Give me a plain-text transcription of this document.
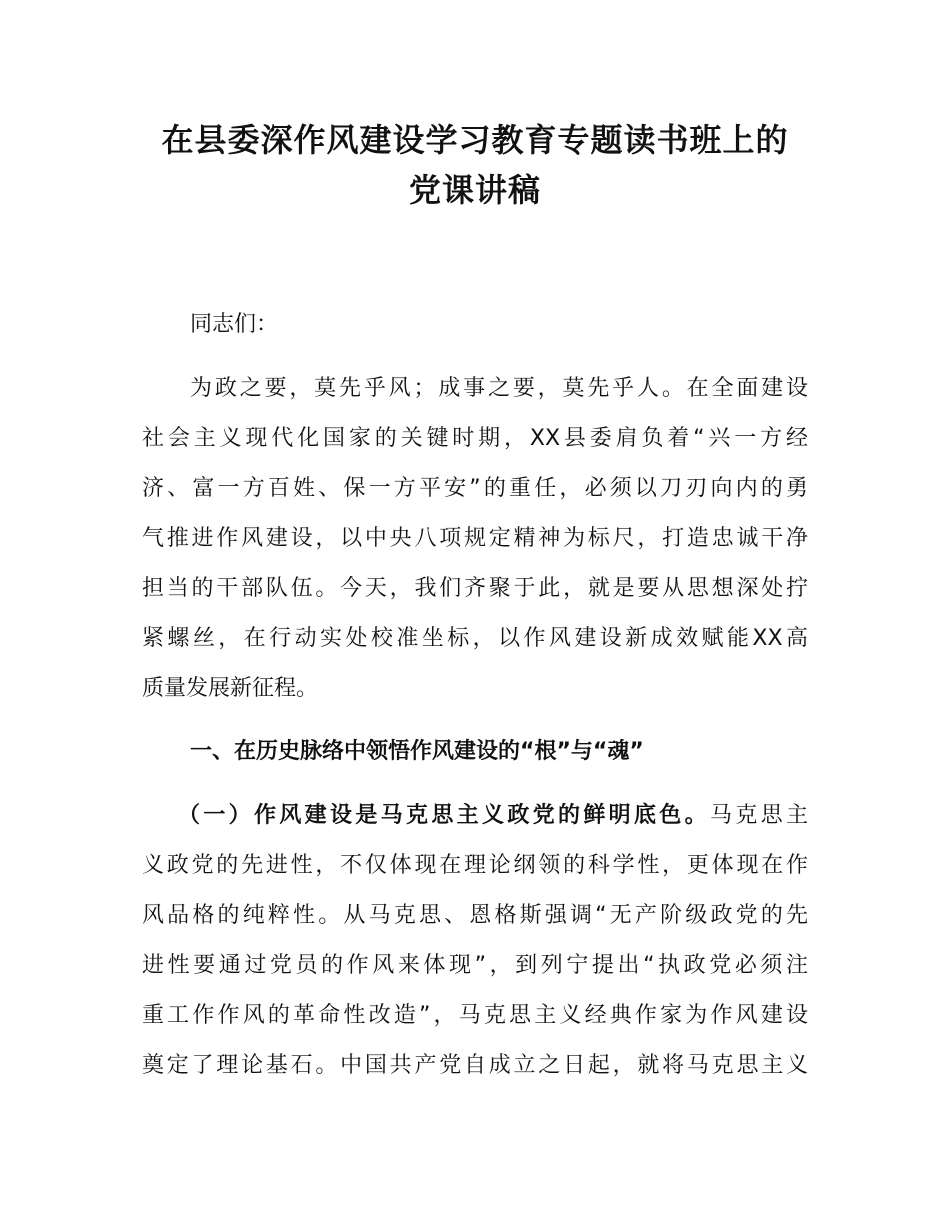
在县委深作风建设学习教育专题读书班上的
党课讲稿
同志们：
为政之要，莫先乎风；成事之要，莫先乎人。在全面建设
社会主义现代化国家的关键时期，XX县委肩负着“兴一方经
济、富一方百姓、保一方平安”的重任，必须以刀刃向内的勇
气推进作风建设，以中央八项规定精神为标尺，打造忠诚干净
担当的干部队伍。今天，我们齐聚于此，就是要从思想深处拧
紧螺丝，在行动实处校准坐标，以作风建设新成效赋能XX高
质量发展新征程。
一、在历史脉络中领悟作风建设的“根”与“魂”
（一）作风建设是马克思主义政党的鲜明底色。马克思主
义政党的先进性，不仅体现在理论纲领的科学性，更体现在作
风品格的纯粹性。从马克思、恩格斯强调“无产阶级政党的先
进性要通过党员的作风来体现”，到列宁提出“执政党必须注
重工作作风的革命性改造”，马克思主义经典作家为作风建设
奠定了理论基石。中国共产党自成立之日起，就将马克思主义
